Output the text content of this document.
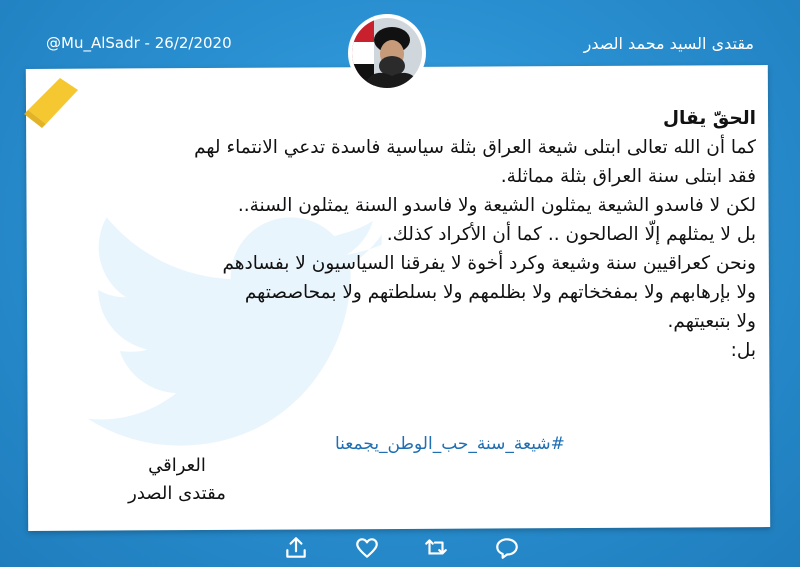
مقتدى السيد محمد الصدر
@Mu_AlSadr - 26/2/2020
الحقّ يقال
كما أن الله تعالى ابتلى شيعة العراق بثلة سياسية فاسدة تدعي الانتماء لهم
فقد ابتلى سنة العراق بثلة مماثلة.
لكن لا فاسدو الشيعة يمثلون الشيعة ولا فاسدو السنة يمثلون السنة..
بل لا يمثلهم إلّا الصالحون .. كما أن الأكراد كذلك.
ونحن كعراقيين سنة وشيعة وكرد أخوة لا يفرقنا السياسيون لا بفسادهم
ولا بإرهابهم ولا بمفخخاتهم ولا بظلمهم ولا بسلطتهم ولا بمحاصصتهم
ولا بتبعيتهم.
بل:
#شيعة_سنة_حب_الوطن_يجمعنا
العراقي
مقتدى الصدر
